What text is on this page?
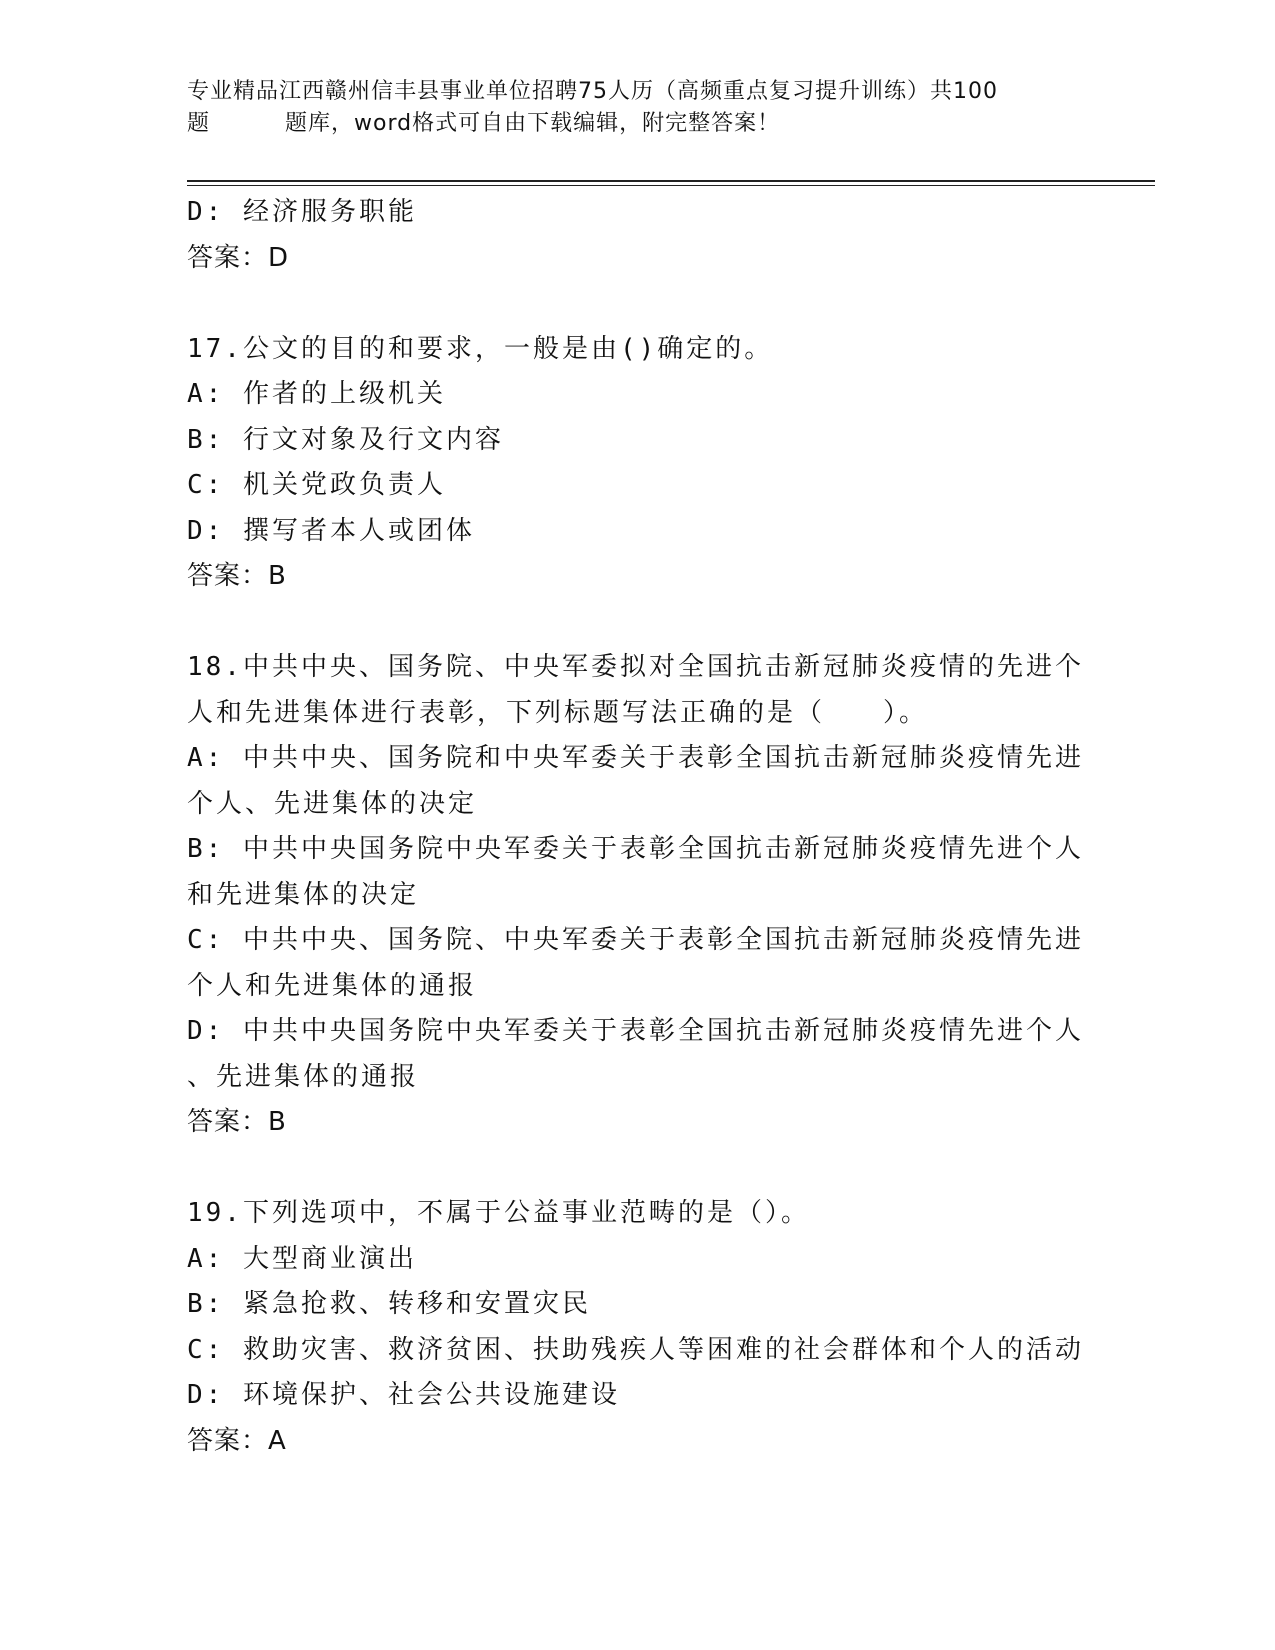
专业精品江西赣州信丰县事业单位招聘75人历（高频重点复习提升训练）共100
题	题库，word格式可自由下载编辑，附完整答案！
D: 经济服务职能
答案：D
17.公文的目的和要求，一般是由()确定的。
A: 作者的上级机关
B: 行文对象及行文内容
C: 机关党政负责人
D: 撰写者本人或团体
答案：B
18.中共中央、国务院、中央军委拟对全国抗击新冠肺炎疫情的先进个
人和先进集体进行表彰，下列标题写法正确的是（　　）。
A: 中共中央、国务院和中央军委关于表彰全国抗击新冠肺炎疫情先进
个人、先进集体的决定
B: 中共中央国务院中央军委关于表彰全国抗击新冠肺炎疫情先进个人
和先进集体的决定
C: 中共中央、国务院、中央军委关于表彰全国抗击新冠肺炎疫情先进
个人和先进集体的通报
D: 中共中央国务院中央军委关于表彰全国抗击新冠肺炎疫情先进个人
、先进集体的通报
答案：B
19.下列选项中，不属于公益事业范畴的是（）。
A: 大型商业演出
B: 紧急抢救、转移和安置灾民
C: 救助灾害、救济贫困、扶助残疾人等困难的社会群体和个人的活动
D: 环境保护、社会公共设施建设
答案：A
